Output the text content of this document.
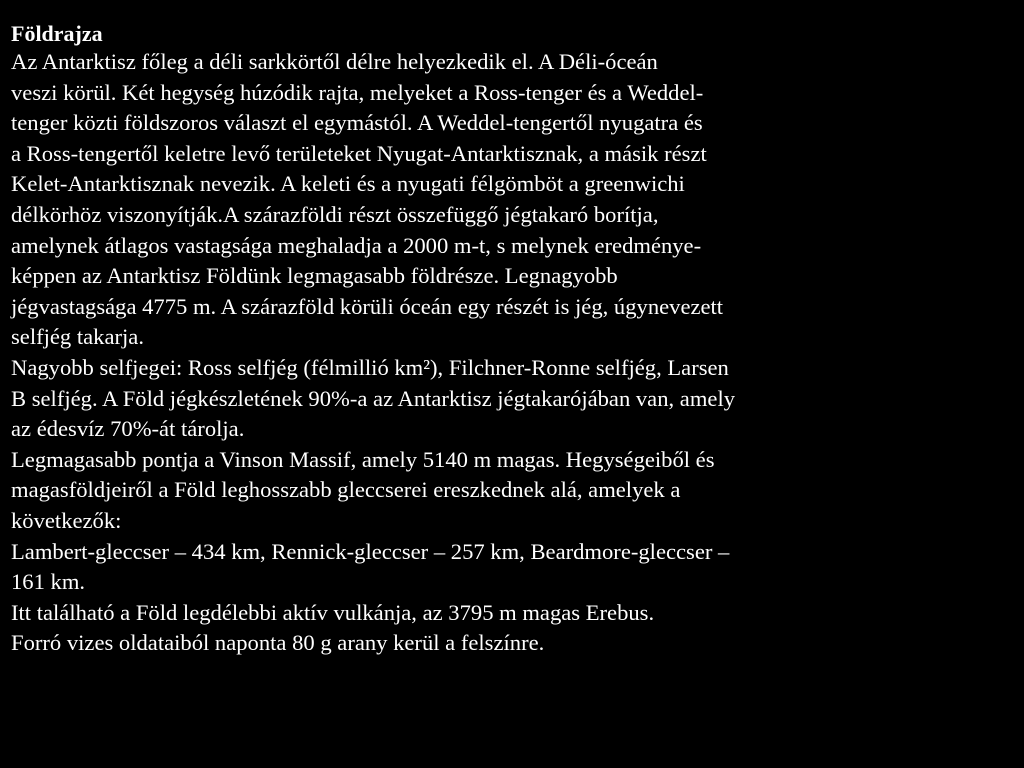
Földrajza
Az Antarktisz főleg a déli sarkkörtől délre helyezkedik el. A Déli-óceán
veszi körül. Két hegység húzódik rajta, melyeket a Ross-tenger és a Weddel-
tenger közti földszoros választ el egymástól. A Weddel-tengertől nyugatra és
a Ross-tengertől keletre levő területeket Nyugat-Antarktisznak, a másik részt
Kelet-Antarktisznak nevezik. A keleti és a nyugati félgömböt a greenwichi
délkörhöz viszonyítják.A szárazföldi részt összefüggő jégtakaró borítja,
amelynek átlagos vastagsága meghaladja a 2000 m-t, s melynek eredménye-
képpen az Antarktisz Földünk legmagasabb földrésze. Legnagyobb
jégvastagsága 4775 m. A szárazföld körüli óceán egy részét is jég, úgynevezett
selfjég takarja.
Nagyobb selfjegei: Ross selfjég (félmillió km²), Filchner-Ronne selfjég, Larsen
B selfjég. A Föld jégkészletének 90%-a az Antarktisz jégtakarójában van, amely
az édesvíz 70%-át tárolja.
Legmagasabb pontja a Vinson Massif, amely 5140 m magas. Hegységeiből és
magasföldjeiről a Föld leghosszabb gleccserei ereszkednek alá, amelyek a
következők:
Lambert-gleccser – 434 km, Rennick-gleccser – 257 km, Beardmore-gleccser –
161 km.
Itt található a Föld legdélebbi aktív vulkánja, az 3795 m magas Erebus.
Forró vizes oldataiból naponta 80 g arany kerül a felszínre.
